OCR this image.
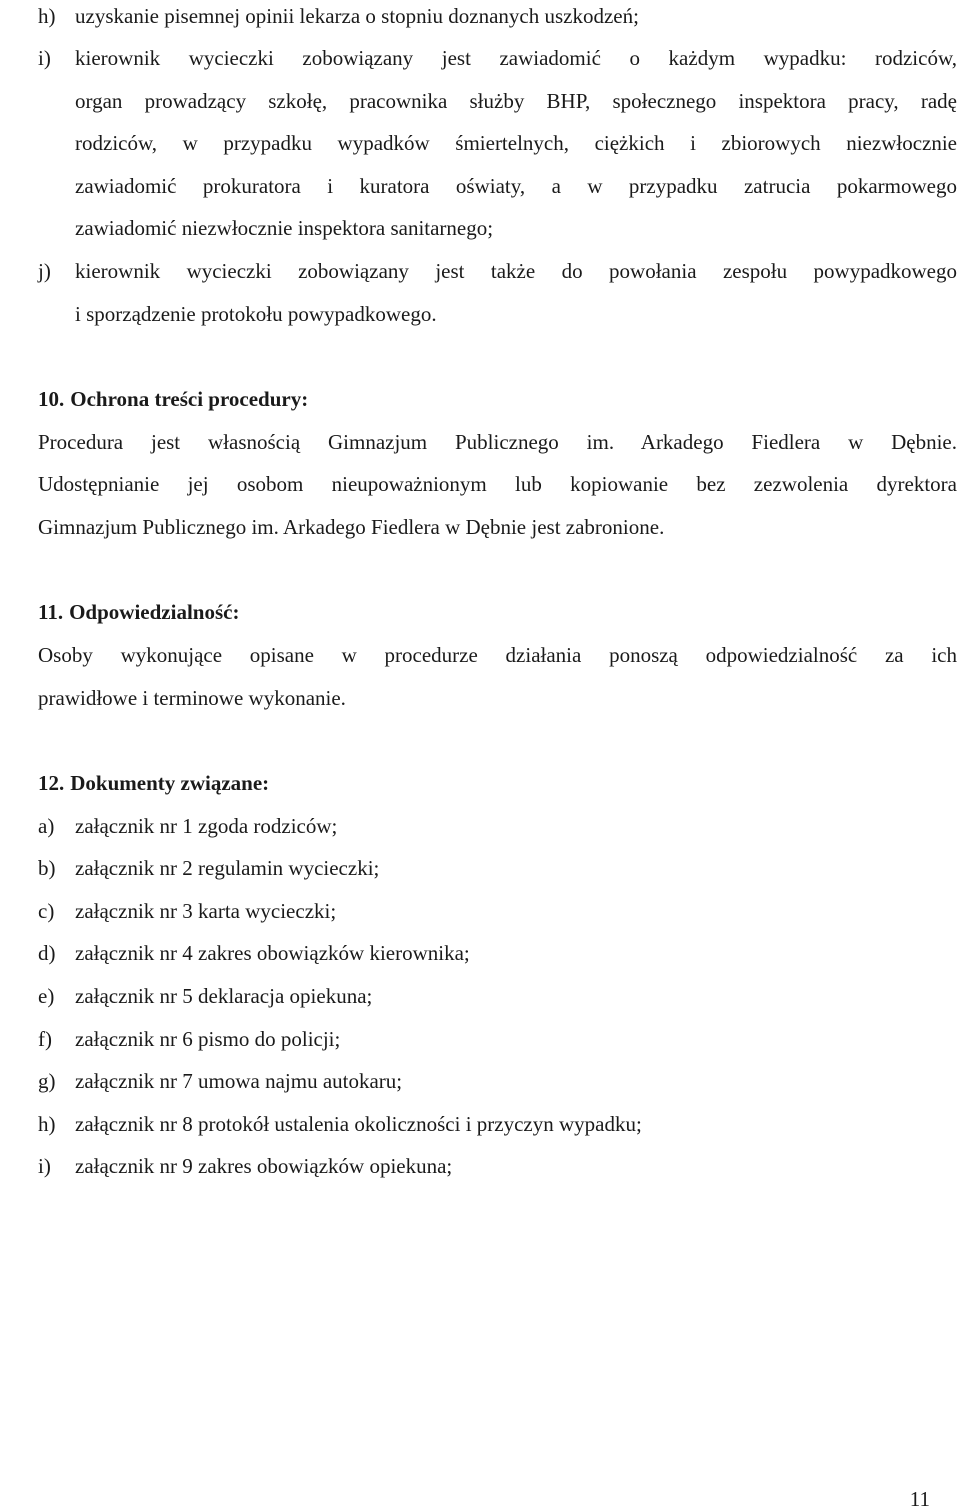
h) uzyskanie pisemnej opinii lekarza o stopniu doznanych uszkodzeń;
i) kierownik wycieczki zobowiązany jest zawiadomić o każdym wypadku: rodziców,
organ prowadzący szkołę, pracownika służby BHP, społecznego inspektora pracy, radę
rodziców, w przypadku wypadków śmiertelnych, ciężkich i zbiorowych niezwłocznie
zawiadomić prokuratora i kuratora oświaty, a w przypadku zatrucia pokarmowego
zawiadomić niezwłocznie inspektora sanitarnego;
j) kierownik wycieczki zobowiązany jest także do powołania zespołu powypadkowego
i sporządzenie protokołu powypadkowego.
10. Ochrona treści procedury:
Procedura jest własnością Gimnazjum Publicznego im. Arkadego Fiedlera w Dębnie.
Udostępnianie jej osobom nieupoważnionym lub kopiowanie bez zezwolenia dyrektora
Gimnazjum Publicznego im. Arkadego Fiedlera w Dębnie jest zabronione.
11. Odpowiedzialność:
Osoby wykonujące opisane w procedurze działania ponoszą odpowiedzialność za ich
prawidłowe i terminowe wykonanie.
12. Dokumenty związane:
a) załącznik nr 1 zgoda rodziców;
b) załącznik nr 2 regulamin wycieczki;
c) załącznik nr 3 karta wycieczki;
d) załącznik nr 4 zakres obowiązków kierownika;
e) załącznik nr 5 deklaracja opiekuna;
f) załącznik nr 6 pismo do policji;
g) załącznik nr 7 umowa najmu autokaru;
h) załącznik nr 8 protokół ustalenia okoliczności i przyczyn wypadku;
i) załącznik nr 9 zakres obowiązków opiekuna;
11
